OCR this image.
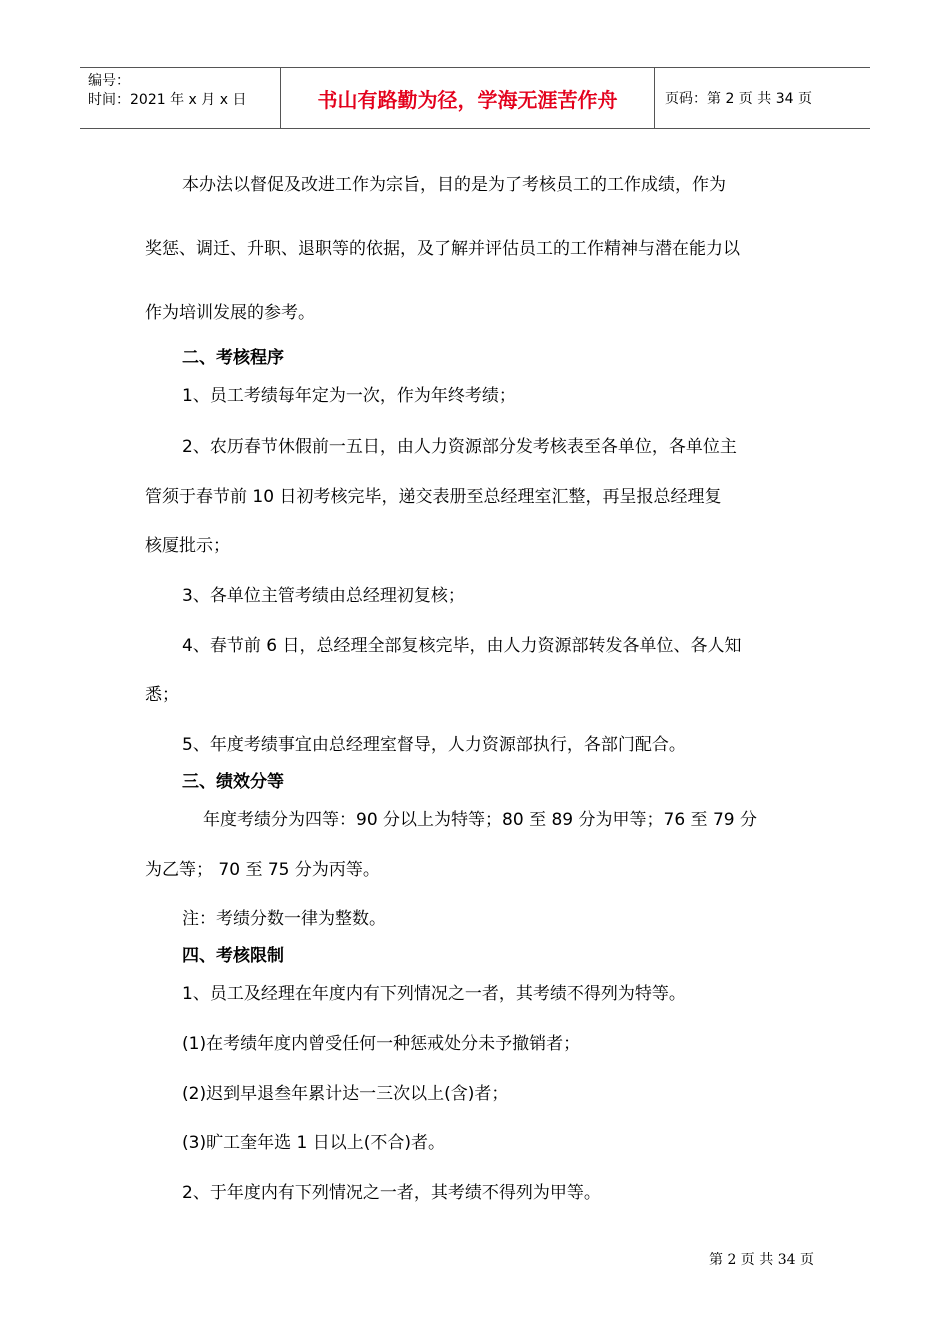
编号：
时间：2021 年 x 月 x 日	书山有路勤为径，学海无涯苦作舟	页码：第 2 页 共 34 页
本办法以督促及改进工作为宗旨，目的是为了考核员工的工作成绩，作为
奖惩、调迁、升职、退职等的依据，及了解并评估员工的工作精神与潜在能力以
作为培训发展的参考。
二、考核程序
1、员工考绩每年定为一次，作为年终考绩；
2、农历春节休假前一五日，由人力资源部分发考核表至各单位，各单位主
管须于春节前 10 日初考核完毕，递交表册至总经理室汇整，再呈报总经理复
核厦批示；
3、各单位主管考绩由总经理初复核；
4、春节前 6 日，总经理全部复核完毕，由人力资源部转发各单位、各人知
悉；
5、年度考绩事宜由总经理室督导，人力资源部执行，各部门配合。
三、绩效分等
年度考绩分为四等：90 分以上为特等；80 至 89 分为甲等；76 至 79 分
为乙等； 70 至 75 分为丙等。
注：考绩分数一律为整数。
四、考核限制
1、员工及经理在年度内有下列情况之一者，其考绩不得列为特等。
(1)在考绩年度内曾受任何一种惩戒处分未予撤销者；
(2)迟到早退叁年累计达一三次以上(含)者；
(3)旷工奎年选 1 日以上(不合)者。
2、于年度内有下列情况之一者，其考绩不得列为甲等。
第 2 页 共 34 页
